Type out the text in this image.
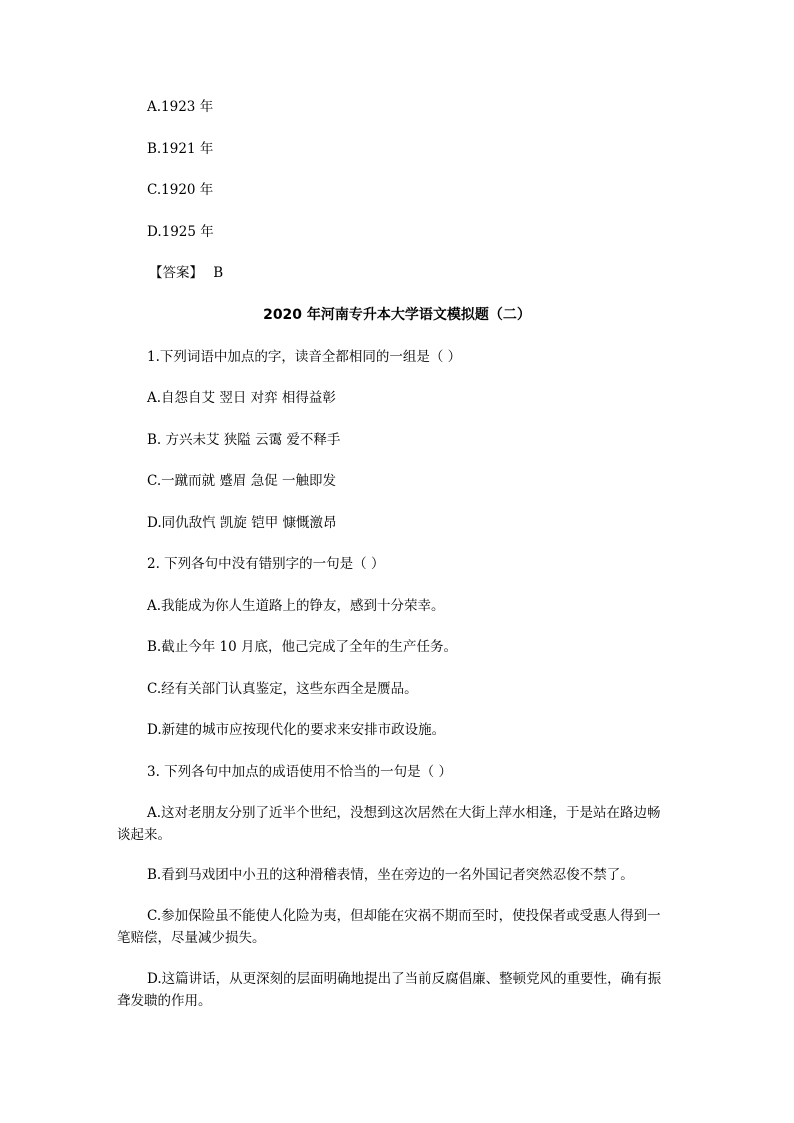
A.1923 年
B.1921 年
C.1920 年
D.1925 年
【答案】 B
2020 年河南专升本大学语文模拟题（二）
1.下列词语中加点的字，读音全都相同的一组是（ ）
A.自怨自艾 翌日 对弈 相得益彰
B. 方兴未艾 狭隘 云霭 爱不释手
C.一蹴而就 蹙眉 急促 一触即发
D.同仇敌忾 凯旋 铠甲 慷慨激昂
2. 下列各句中没有错别字的一句是（ ）
A.我能成为你人生道路上的铮友，感到十分荣幸。
B.截止今年 10 月底，他己完成了全年的生产任务。
C.经有关部门认真鉴定，这些东西全是赝品。
D.新建的城市应按现代化的要求来安排市政设施。
3. 下列各句中加点的成语使用不恰当的一句是（ ）
A.这对老朋友分别了近半个世纪，没想到这次居然在大街上萍水相逢，于是站在路边畅谈起来。
B.看到马戏团中小丑的这种滑稽表情，坐在旁边的一名外国记者突然忍俊不禁了。
C.参加保险虽不能使人化险为夷，但却能在灾祸不期而至时，使投保者或受惠人得到一笔赔偿，尽量减少损失。
D.这篇讲话，从更深刻的层面明确地提出了当前反腐倡廉、整顿党风的重要性，确有振聋发聩的作用。
